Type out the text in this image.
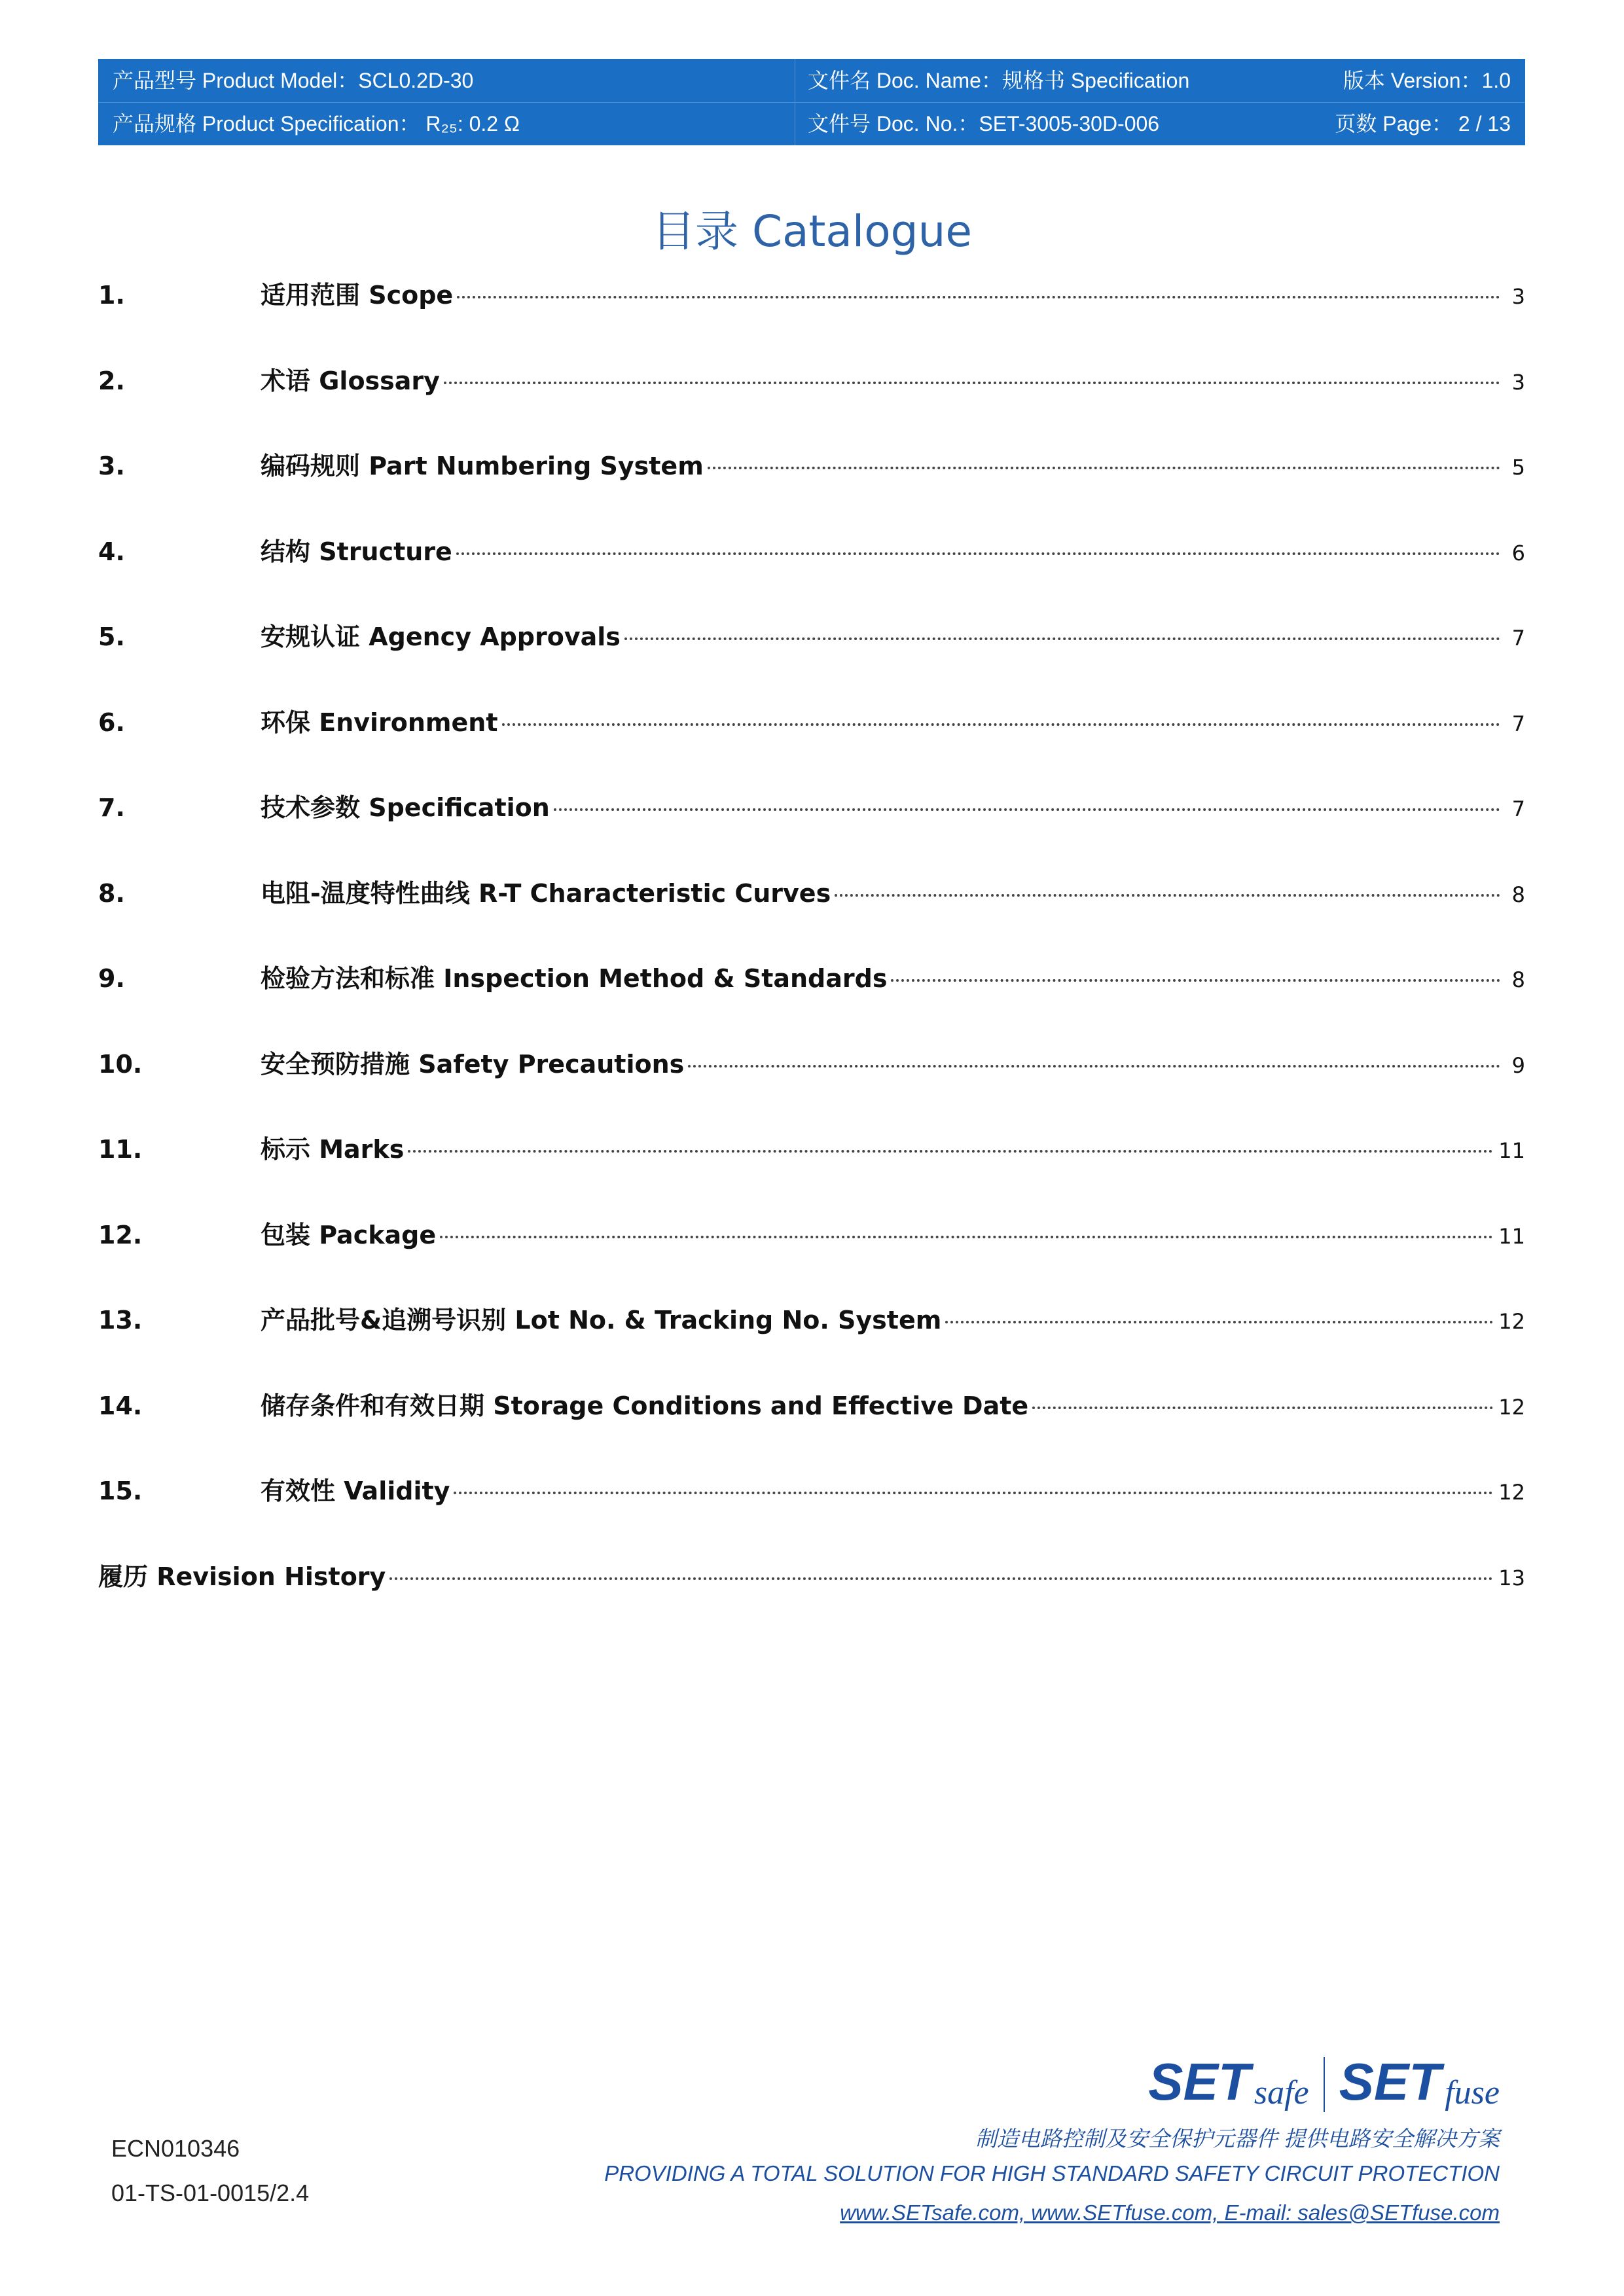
产品型号 Product Model：SCL0.2D-30	文件名 Doc. Name：规格书 Specification	版本 Version：1.0
产品规格 Product Specification： R₂₅: 0.2 Ω	文件号 Doc. No.：SET-3005-30D-006	页数 Page： 2 / 13
目录 Catalogue
1.	适用范围 Scope	3
2.	术语 Glossary	3
3.	编码规则 Part Numbering System	5
4.	结构 Structure	6
5.	安规认证 Agency Approvals	7
6.	环保 Environment	7
7.	技术参数 Specification	7
8.	电阻-温度特性曲线 R-T Characteristic Curves	8
9.	检验方法和标准 Inspection Method & Standards	8
10.	安全预防措施 Safety Precautions	9
11.	标示 Marks	11
12.	包装 Package	11
13.	产品批号&追溯号识别 Lot No. & Tracking No. System	12
14.	储存条件和有效日期 Storage Conditions and Effective Date	12
15.	有效性 Validity	12
履历 Revision History	13
ECN010346
01-TS-01-0015/2.4
SET safe SET fuse
制造电路控制及安全保护元器件 提供电路安全解决方案
PROVIDING A TOTAL SOLUTION FOR HIGH STANDARD SAFETY CIRCUIT PROTECTION
www.SETsafe.com, www.SETfuse.com, E-mail: sales@SETfuse.com
